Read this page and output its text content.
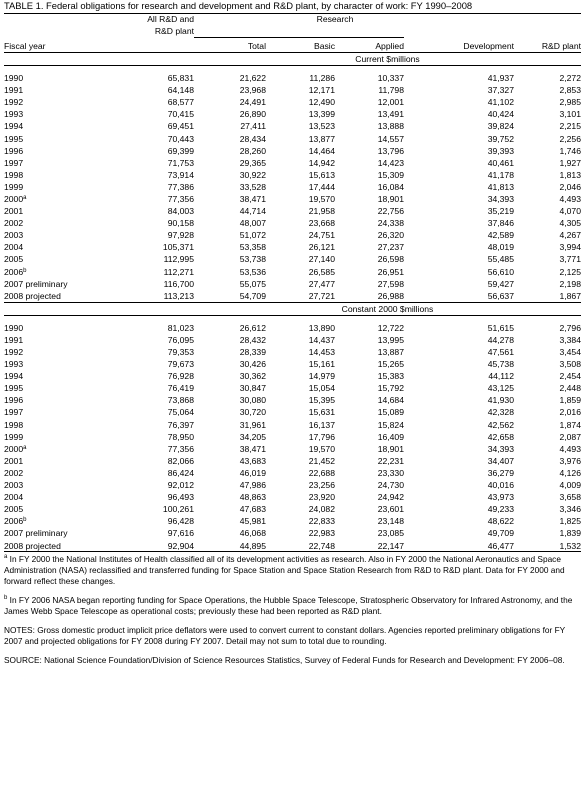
TABLE 1. Federal obligations for research and development and R&D plant, by character of work: FY 1990–2008
	All R&D and		Research			
	R&D plant					
Fiscal year		Total	Basic	Applied	Development	R&D plant
		Current $millions				

1990	65,831	21,622	11,286	10,337	41,937	2,272
1991	64,148	23,968	12,171	11,798	37,327	2,853
1992	68,577	24,491	12,490	12,001	41,102	2,985
1993	70,415	26,890	13,399	13,491	40,424	3,101
1994	69,451	27,411	13,523	13,888	39,824	2,215
1995	70,443	28,434	13,877	14,557	39,752	2,256
1996	69,399	28,260	14,464	13,796	39,393	1,746
1997	71,753	29,365	14,942	14,423	40,461	1,927
1998	73,914	30,922	15,613	15,309	41,178	1,813
1999	77,386	33,528	17,444	16,084	41,813	2,046
2000$^a$	77,356	38,471	19,570	18,901	34,393	4,493
2001	84,003	44,714	21,958	22,756	35,219	4,070
2002	90,158	48,007	23,668	24,338	37,846	4,305
2003	97,928	51,072	24,751	26,320	42,589	4,267
2004	105,371	53,358	26,121	27,237	48,019	3,994
2005	112,995	53,738	27,140	26,598	55,485	3,771
2006$^b$	112,271	53,536	26,585	26,951	56,610	2,125
2007 preliminary	116,700	55,075	27,477	27,598	59,427	2,198
2008 projected	113,213	54,709	27,721	26,988	56,637	1,867
		Constant 2000 $millions				

1990	81,023	26,612	13,890	12,722	51,615	2,796
1991	76,095	28,432	14,437	13,995	44,278	3,384
1992	79,353	28,339	14,453	13,887	47,561	3,454
1993	79,673	30,426	15,161	15,265	45,738	3,508
1994	76,928	30,362	14,979	15,383	44,112	2,454
1995	76,419	30,847	15,054	15,792	43,125	2,448
1996	73,868	30,080	15,395	14,684	41,930	1,859
1997	75,064	30,720	15,631	15,089	42,328	2,016
1998	76,397	31,961	16,137	15,824	42,562	1,874
1999	78,950	34,205	17,796	16,409	42,658	2,087
2000$^a$	77,356	38,471	19,570	18,901	34,393	4,493
2001	82,066	43,683	21,452	22,231	34,407	3,976
2002	86,424	46,019	22,688	23,330	36,279	4,126
2003	92,012	47,986	23,256	24,730	40,016	4,009
2004	96,493	48,863	23,920	24,942	43,973	3,658
2005	100,261	47,683	24,082	23,601	49,233	3,346
2006$^b$	96,428	45,981	22,833	23,148	48,622	1,825
2007 preliminary	97,616	46,068	22,983	23,085	49,709	1,839
2008 projected	92,904	44,895	22,748	22,147	46,477	1,532

$^a$ In FY 2000 the National Institutes of Health classified all of its development activities as research. Also in FY 2000 the National Aeronautics and Space Administration (NASA) reclassified and transferred funding for Space Station and Space Station Research from R&D to R&D plant. Data for FY 2000 and forward reflect these changes.

$^b$ In FY 2006 NASA began reporting funding for Space Operations, the Hubble Space Telescope, Stratospheric Observatory for Infrared Astronomy, and the James Webb Space Telescope as operational costs; previously these had been reported as R&D plant.

NOTES: Gross domestic product implicit price deflators were used to convert current to constant dollars. Agencies reported preliminary obligations for FY 2007 and projected obligations for FY 2008 during FY 2007. Detail may not sum to total due to rounding.

SOURCE: National Science Foundation/Division of Science Resources Statistics, Survey of Federal Funds for Research and Development: FY 2006–08.
